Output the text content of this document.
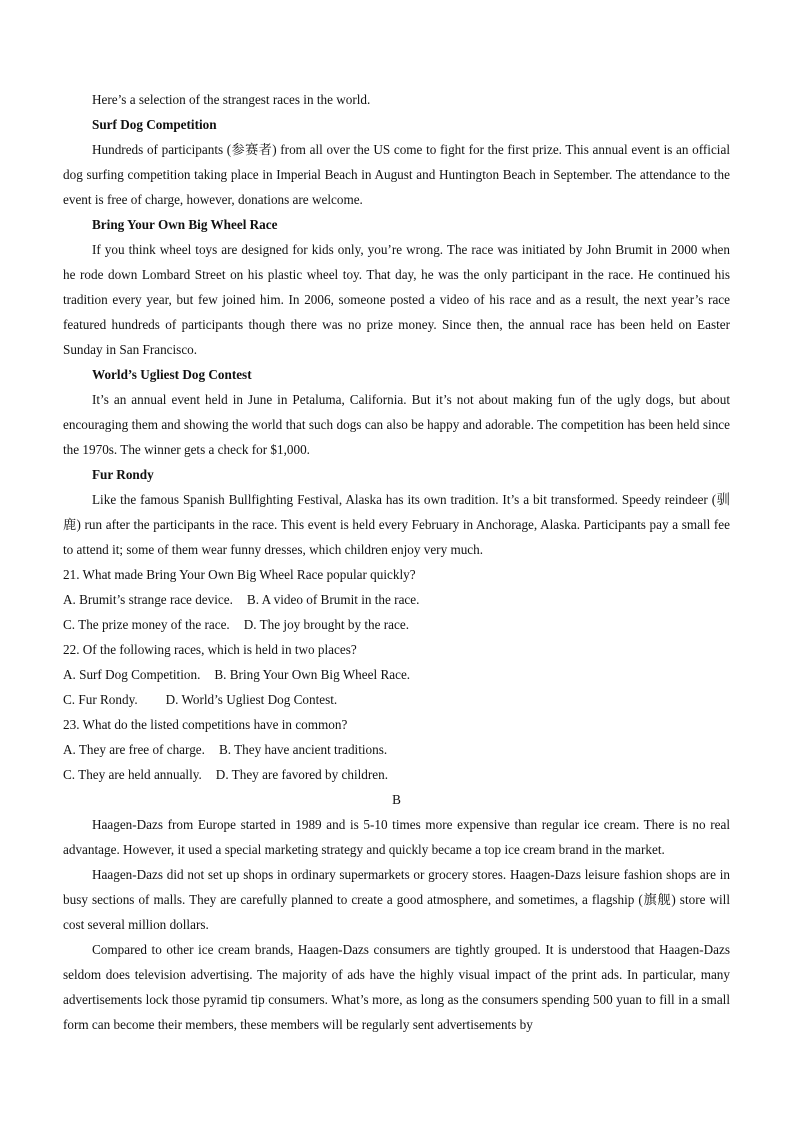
Here’s a selection of the strangest races in the world.

Surf Dog Competition

Hundreds of participants (参赛者) from all over the US come to fight for the first prize. This annual event is an official dog surfing competition taking place in Imperial Beach in August and Huntington Beach in September. The attendance to the event is free of charge, however, donations are welcome.

Bring Your Own Big Wheel Race

If you think wheel toys are designed for kids only, you’re wrong. The race was initiated by John Brumit in 2000 when he rode down Lombard Street on his plastic wheel toy. That day, he was the only participant in the race. He continued his tradition every year, but few joined him. In 2006, someone posted a video of his race and as a result, the next year’s race featured hundreds of participants though there was no prize money. Since then, the annual race has been held on Easter Sunday in San Francisco.

World’s Ugliest Dog Contest

It’s an annual event held in June in Petaluma, California. But it’s not about making fun of the ugly dogs, but about encouraging them and showing the world that such dogs can also be happy and adorable. The competition has been held since the 1970s. The winner gets a check for $1,000.

Fur Rondy

Like the famous Spanish Bullfighting Festival, Alaska has its own tradition. It’s a bit transformed. Speedy reindeer (驯鹿) run after the participants in the race. This event is held every February in Anchorage, Alaska. Participants pay a small fee to attend it; some of them wear funny dresses, which children enjoy very much.

21. What made Bring Your Own Big Wheel Race popular quickly?

A. Brumit’s strange race device. B. A video of Brumit in the race.

C. The prize money of the race. D. The joy brought by the race.

22. Of the following races, which is held in two places?

A. Surf Dog Competition. B. Bring Your Own Big Wheel Race.

C. Fur Rondy. D. World’s Ugliest Dog Contest.

23. What do the listed competitions have in common?

A. They are free of charge. B. They have ancient traditions.

C. They are held annually. D. They are favored by children.

B

Haagen-Dazs from Europe started in 1989 and is 5-10 times more expensive than regular ice cream. There is no real advantage. However, it used a special marketing strategy and quickly became a top ice cream brand in the market.

Haagen-Dazs did not set up shops in ordinary supermarkets or grocery stores. Haagen-Dazs leisure fashion shops are in busy sections of malls. They are carefully planned to create a good atmosphere, and sometimes, a flagship (旗舰) store will cost several million dollars.

Compared to other ice cream brands, Haagen-Dazs consumers are tightly grouped. It is understood that Haagen-Dazs seldom does television advertising. The majority of ads have the highly visual impact of the print ads. In particular, many advertisements lock those pyramid tip consumers. What’s more, as long as the consumers spending 500 yuan to fill in a small form can become their members, these members will be regularly sent advertisements by
